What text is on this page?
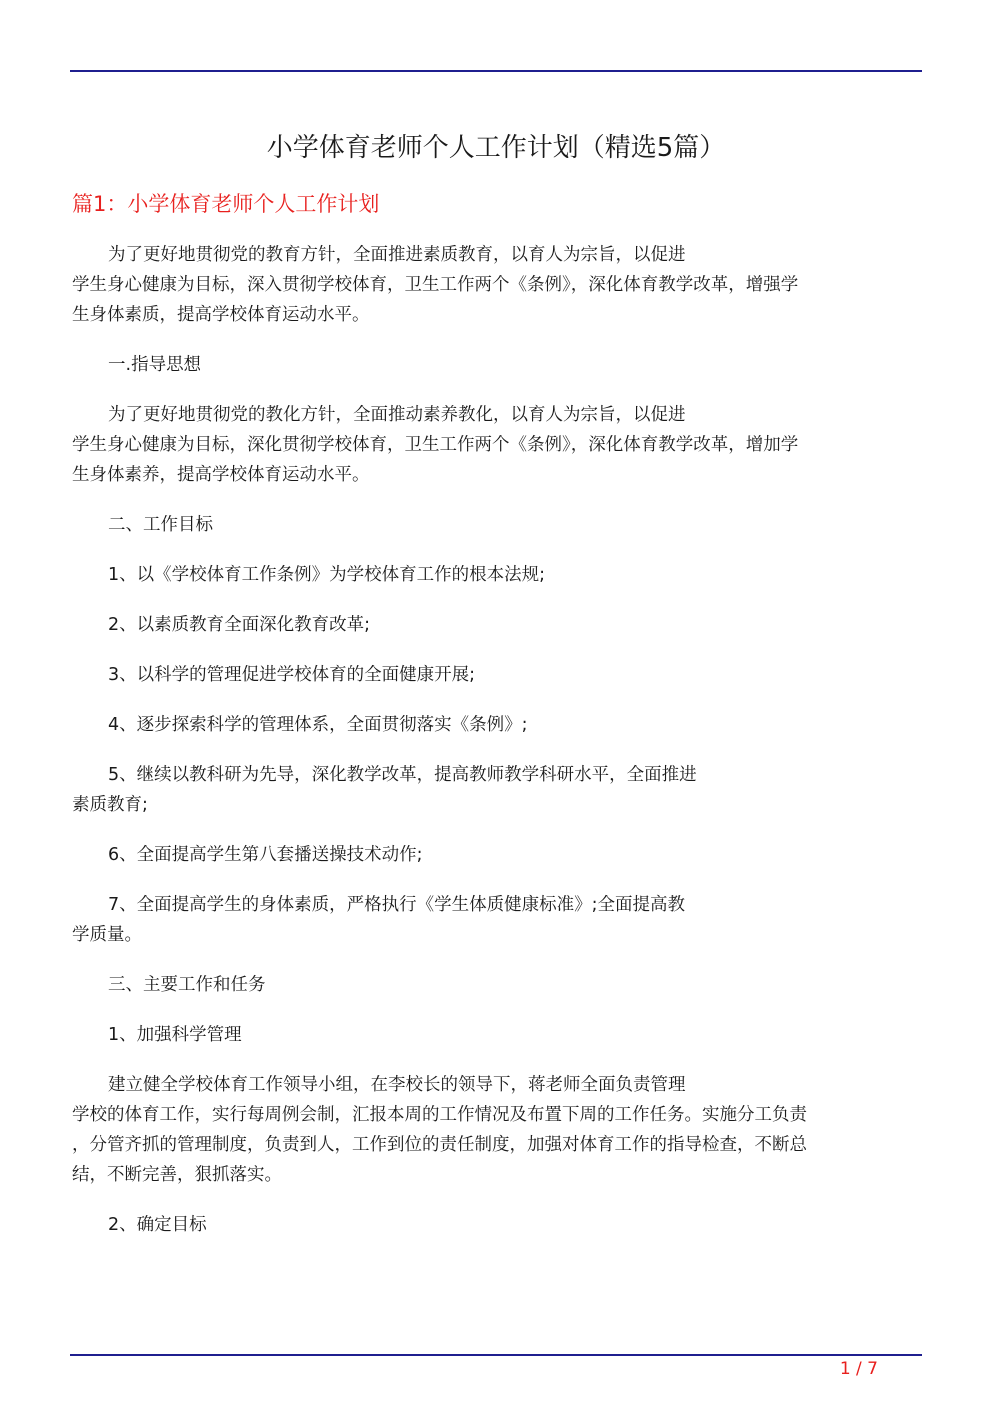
小学体育老师个人工作计划（精选5篇）
篇1：小学体育老师个人工作计划
为了更好地贯彻党的教育方针，全面推进素质教育，以育人为宗旨，以促进
学生身心健康为目标，深入贯彻学校体育，卫生工作两个《条例》，深化体育教学改革，增强学
生身体素质，提高学校体育运动水平。
一.指导思想
为了更好地贯彻党的教化方针，全面推动素养教化，以育人为宗旨，以促进
学生身心健康为目标，深化贯彻学校体育，卫生工作两个《条例》，深化体育教学改革，增加学
生身体素养，提高学校体育运动水平。
二、工作目标
1、以《学校体育工作条例》为学校体育工作的根本法规;
2、以素质教育全面深化教育改革;
3、以科学的管理促进学校体育的全面健康开展;
4、逐步探索科学的管理体系，全面贯彻落实《条例》;
5、继续以教科研为先导，深化教学改革，提高教师教学科研水平，全面推进
素质教育;
6、全面提高学生第八套播送操技术动作;
7、全面提高学生的身体素质，严格执行《学生体质健康标准》;全面提高教
学质量。
三、主要工作和任务
1、加强科学管理
建立健全学校体育工作领导小组，在李校长的领导下，蒋老师全面负责管理
学校的体育工作，实行每周例会制，汇报本周的工作情况及布置下周的工作任务。实施分工负责
，分管齐抓的管理制度，负责到人，工作到位的责任制度，加强对体育工作的指导检查，不断总
结，不断完善，狠抓落实。
2、确定目标
1 / 7
